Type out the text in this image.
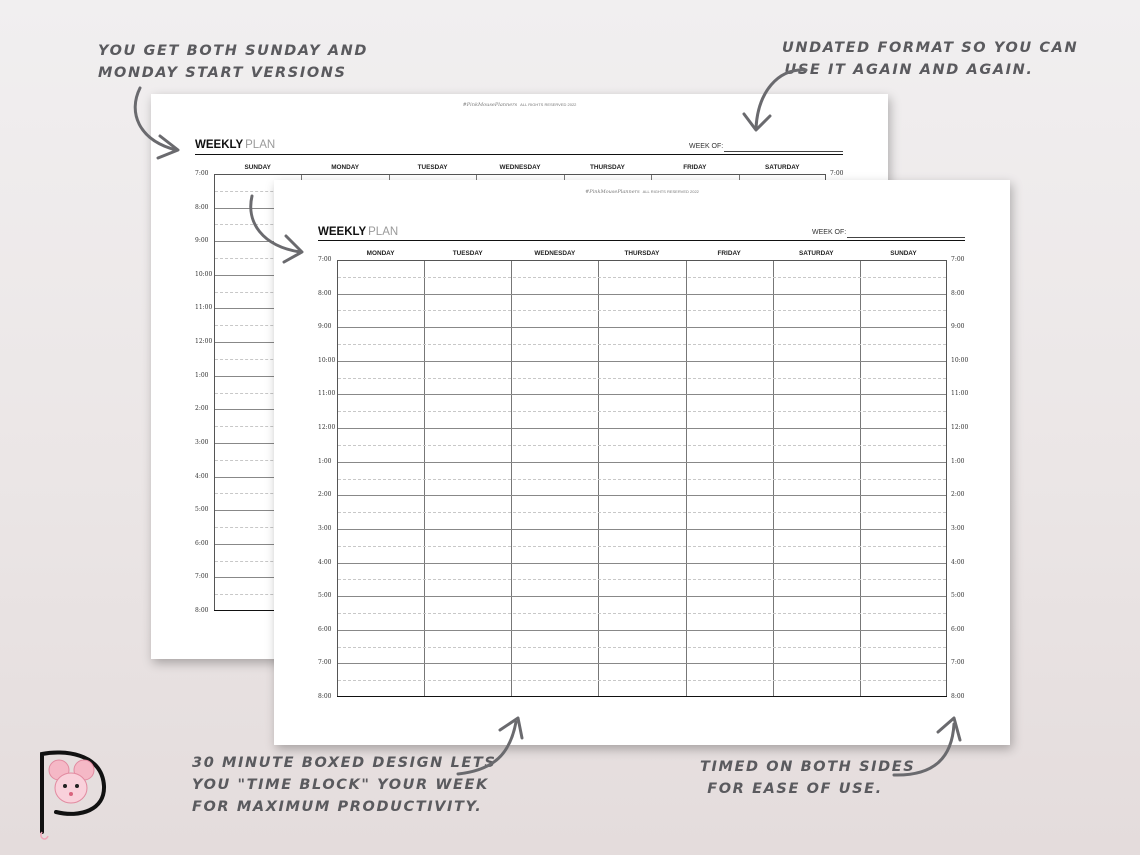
YOU GET BOTH SUNDAY AND
MONDAY START VERSIONS
UNDATED FORMAT SO YOU CAN
USE IT AGAIN AND AGAIN.
30 MINUTE BOXED DESIGN LETS
YOU "TIME BLOCK" YOUR WEEK
FOR MAXIMUM PRODUCTIVITY.
TIMED ON BOTH SIDES
FOR EASE OF USE.
#PinkMousePlanners ALL RIGHTS RESERVED 2022
WEEKLY PLAN	WEEK OF:
SUNDAY	MONDAY	TUESDAY	WEDNESDAY	THURSDAY	FRIDAY	SATURDAY
7:00
8:00
9:00
10:00
11:00
12:00
1:00
2:00
3:00
4:00
5:00
6:00
7:00
8:00
7:00
#PinkMousePlanners ALL RIGHTS RESERVED 2022
WEEKLY PLAN	WEEK OF:
MONDAY	TUESDAY	WEDNESDAY	THURSDAY	FRIDAY	SATURDAY	SUNDAY
7:00
8:00
9:00
10:00
11:00
12:00
1:00
2:00
3:00
4:00
5:00
6:00
7:00
8:00
7:00
8:00
9:00
10:00
11:00
12:00
1:00
2:00
3:00
4:00
5:00
6:00
7:00
8:00
